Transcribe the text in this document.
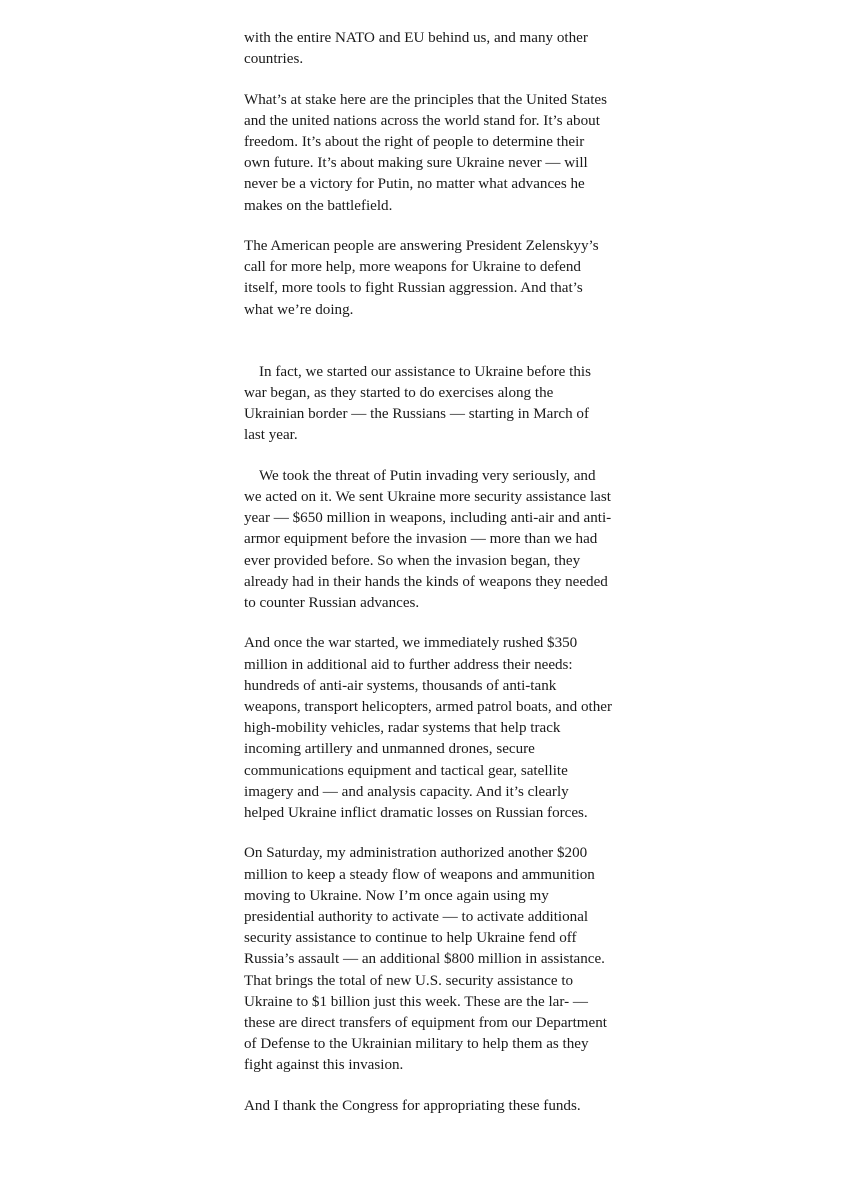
with the entire NATO and EU behind us, and many other countries.

What’s at stake here are the principles that the United States and the united nations across the world stand for. It’s about freedom. It’s about the right of people to determine their own future. It’s about making sure Ukraine never — will never be a victory for Putin, no matter what advances he makes on the battlefield.

The American people are answering President Zelenskyy’s call for more help, more weapons for Ukraine to defend itself, more tools to fight Russian aggression. And that’s what we’re doing.

In fact, we started our assistance to Ukraine before this war began, as they started to do exercises along the Ukrainian border — the Russians — starting in March of last year.

We took the threat of Putin invading very seriously, and we acted on it. We sent Ukraine more security assistance last year — $650 million in weapons, including anti-air and anti-armor equipment before the invasion — more than we had ever provided before. So when the invasion began, they already had in their hands the kinds of weapons they needed to counter Russian advances.

And once the war started, we immediately rushed $350 million in additional aid to further address their needs: hundreds of anti-air systems, thousands of anti-tank weapons, transport helicopters, armed patrol boats, and other high-mobility vehicles, radar systems that help track incoming artillery and unmanned drones, secure communications equipment and tactical gear, satellite imagery and — and analysis capacity. And it’s clearly helped Ukraine inflict dramatic losses on Russian forces.

On Saturday, my administration authorized another $200 million to keep a steady flow of weapons and ammunition moving to Ukraine. Now I’m once again using my presidential authority to activate — to activate additional security assistance to continue to help Ukraine fend off Russia’s assault — an additional $800 million in assistance. That brings the total of new U.S. security assistance to Ukraine to $1 billion just this week. These are the lar- — these are direct transfers of equipment from our Department of Defense to the Ukrainian military to help them as they fight against this invasion.

And I thank the Congress for appropriating these funds.
